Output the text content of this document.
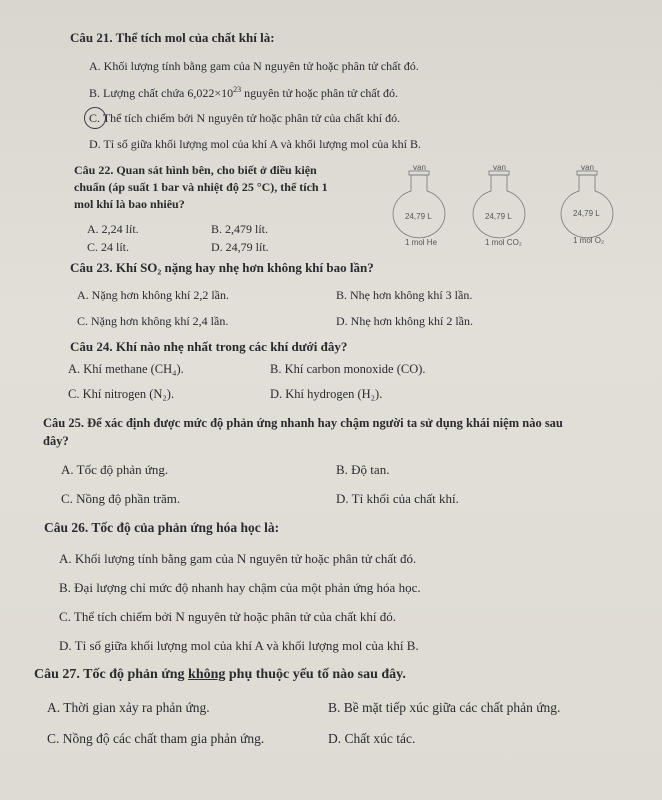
Câu 21. Thể tích mol của chất khí là:
A. Khối lượng tính bằng gam của N nguyên tử hoặc phân tử chất đó.
B. Lượng chất chứa $6,022\times 10^{23}$ nguyên tử hoặc phân tử chất đó.
C. Thể tích chiếm bởi N nguyên tử hoặc phân tử của chất khí đó.
D. Tỉ số giữa khối lượng mol của khí A và khối lượng mol của khí B.
Câu 22. Quan sát hình bên, cho biết ở điều kiện
chuẩn (áp suất 1 bar và nhiệt độ 25 °C), thể tích 1
mol khí là bao nhiêu?
A. 2,24 lít.	B. 2,479 lít.
C. 24 lít.	D. 24,79 lít.
van	van	van
24,79 L	24,79 L	24,79 L
1 mol He	1 mol CO₂	1 mol O₂
Câu 23. Khí SO₂ nặng hay nhẹ hơn không khí bao lần?
A. Nặng hơn không khí 2,2 lần.	B. Nhẹ hơn không khí 3 lần.
C. Nặng hơn không khí 2,4 lần.	D. Nhẹ hơn không khí 2 lần.
Câu 24. Khí nào nhẹ nhất trong các khí dưới đây?
A. Khí methane (CH₄).	B. Khí carbon monoxide (CO).
C. Khí nitrogen (N₂).	D. Khí hydrogen (H₂).
Câu 25. Để xác định được mức độ phản ứng nhanh hay chậm người ta sử dụng khái niệm nào sau
đây?
A. Tốc độ phản ứng.	B. Độ tan.
C. Nồng độ phần trăm.	D. Tỉ khối của chất khí.
Câu 26. Tốc độ của phản ứng hóa học là:
A. Khối lượng tính bằng gam của N nguyên tử hoặc phân tử chất đó.
B. Đại lượng chỉ mức độ nhanh hay chậm của một phản ứng hóa học.
C. Thể tích chiếm bởi N nguyên tử hoặc phân tử của chất khí đó.
D. Tỉ số giữa khối lượng mol của khí A và khối lượng mol của khí B.
Câu 27. Tốc độ phản ứng không phụ thuộc yếu tố nào sau đây.
A. Thời gian xảy ra phản ứng.	B. Bề mặt tiếp xúc giữa các chất phản ứng.
C. Nồng độ các chất tham gia phản ứng.	D. Chất xúc tác.
